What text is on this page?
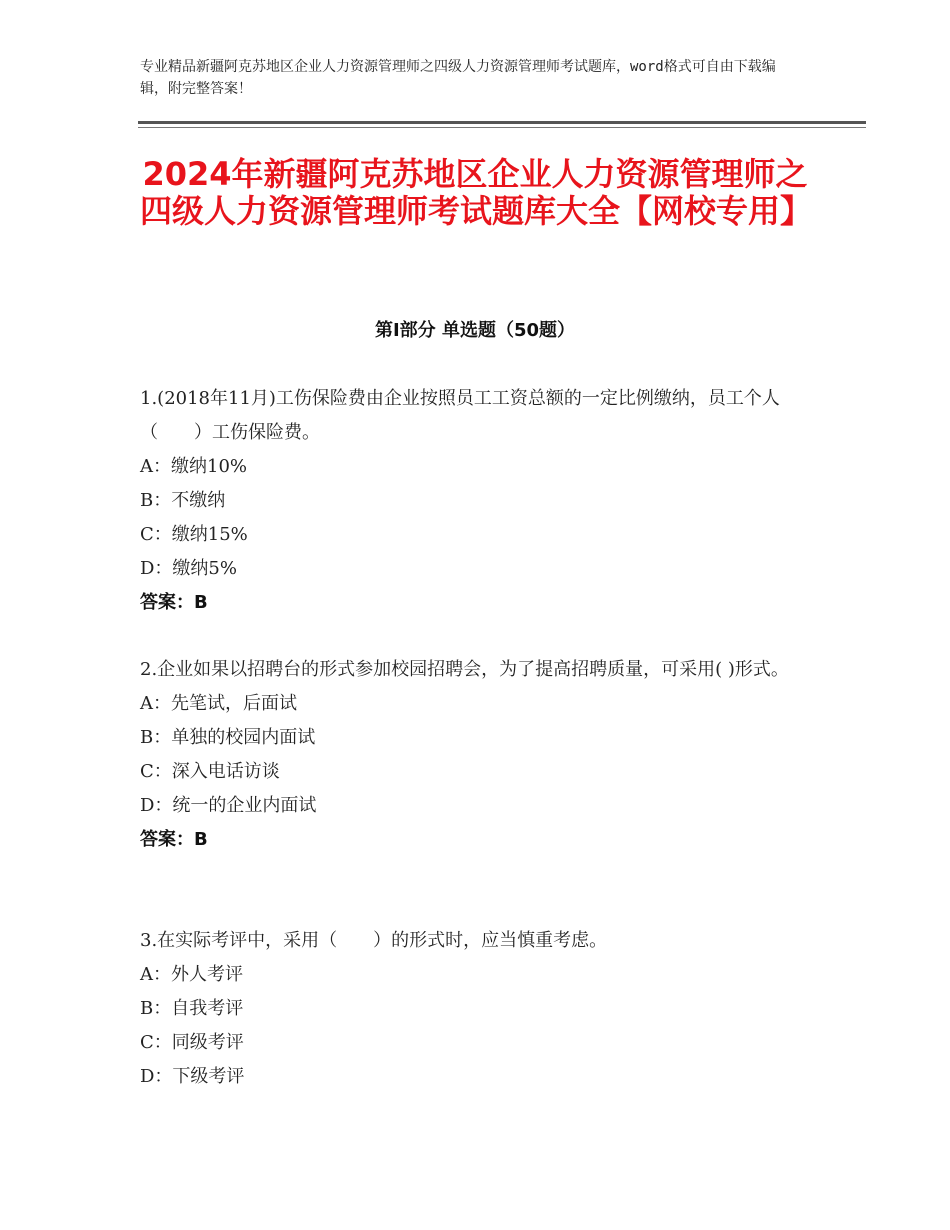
专业精品新疆阿克苏地区企业人力资源管理师之四级人力资源管理师考试题库，word格式可自由下载编辑，附完整答案！
2024年新疆阿克苏地区企业人力资源管理师之四级人力资源管理师考试题库大全【网校专用】
第Ⅰ部分 单选题（50题）

1.(2018年11月)工伤保险费由企业按照员工工资总额的一定比例缴纳，员工个人（　　）工伤保险费。

A：缴纳10%

B：不缴纳

C：缴纳15%

D：缴纳5%

答案：B

2.企业如果以招聘台的形式参加校园招聘会，为了提高招聘质量，可采用( )形式。

A：先笔试，后面试

B：单独的校园内面试

C：深入电话访谈

D：统一的企业内面试

答案：B

3.在实际考评中，采用（　　）的形式时，应当慎重考虑。

A：外人考评

B：自我考评

C：同级考评

D：下级考评
